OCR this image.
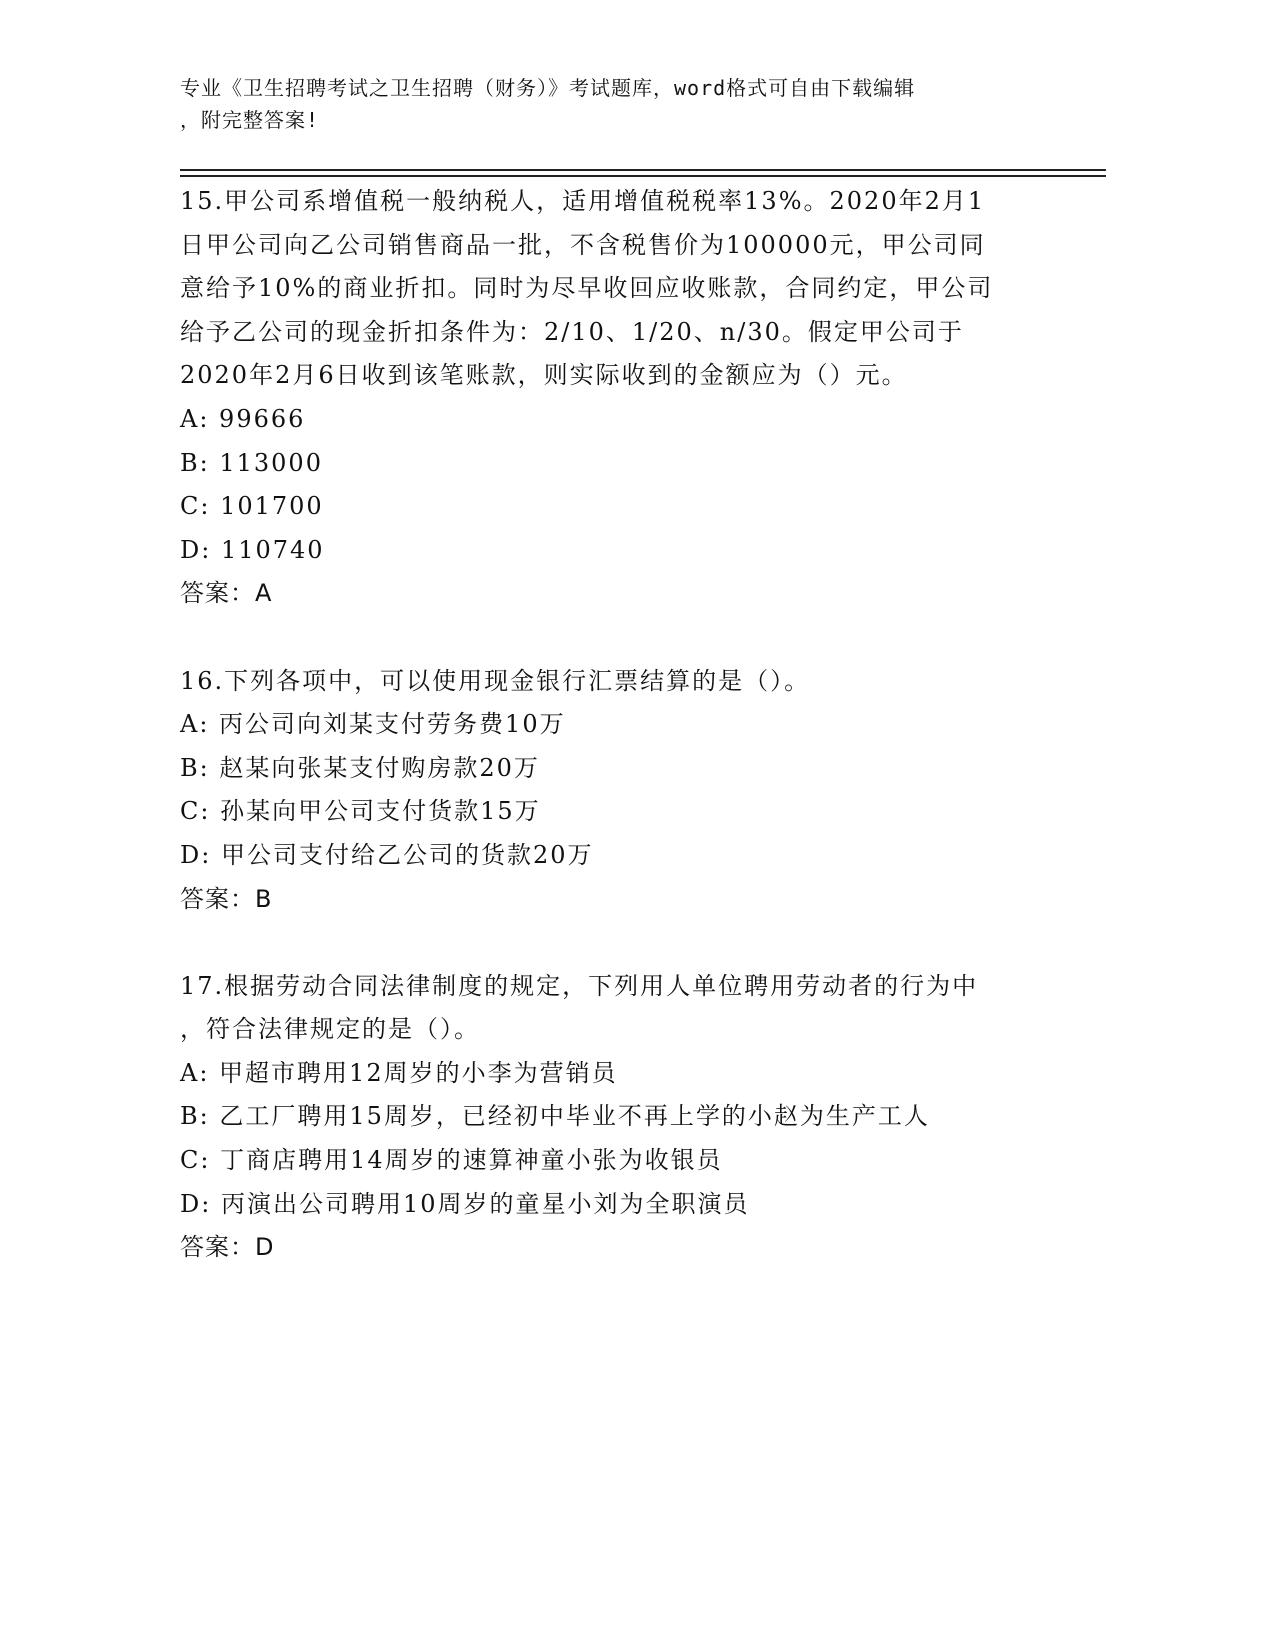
专业《卫生招聘考试之卫生招聘（财务）》考试题库，word格式可自由下载编辑
，附完整答案!
15.甲公司系增值税一般纳税人，适用增值税税率13%。2020年2月1
日甲公司向乙公司销售商品一批，不含税售价为100000元，甲公司同
意给予10%的商业折扣。同时为尽早收回应收账款，合同约定，甲公司
给予乙公司的现金折扣条件为：2/10、1/20、n/30。假定甲公司于
2020年2月6日收到该笔账款，则实际收到的金额应为（）元。
A: 99666
B: 113000
C: 101700
D: 110740
答案：A
16.下列各项中，可以使用现金银行汇票结算的是（）。
A: 丙公司向刘某支付劳务费10万
B: 赵某向张某支付购房款20万
C: 孙某向甲公司支付货款15万
D: 甲公司支付给乙公司的货款20万
答案：B
17.根据劳动合同法律制度的规定，下列用人单位聘用劳动者的行为中
，符合法律规定的是（）。
A: 甲超市聘用12周岁的小李为营销员
B: 乙工厂聘用15周岁，已经初中毕业不再上学的小赵为生产工人
C: 丁商店聘用14周岁的速算神童小张为收银员
D: 丙演出公司聘用10周岁的童星小刘为全职演员
答案：D
